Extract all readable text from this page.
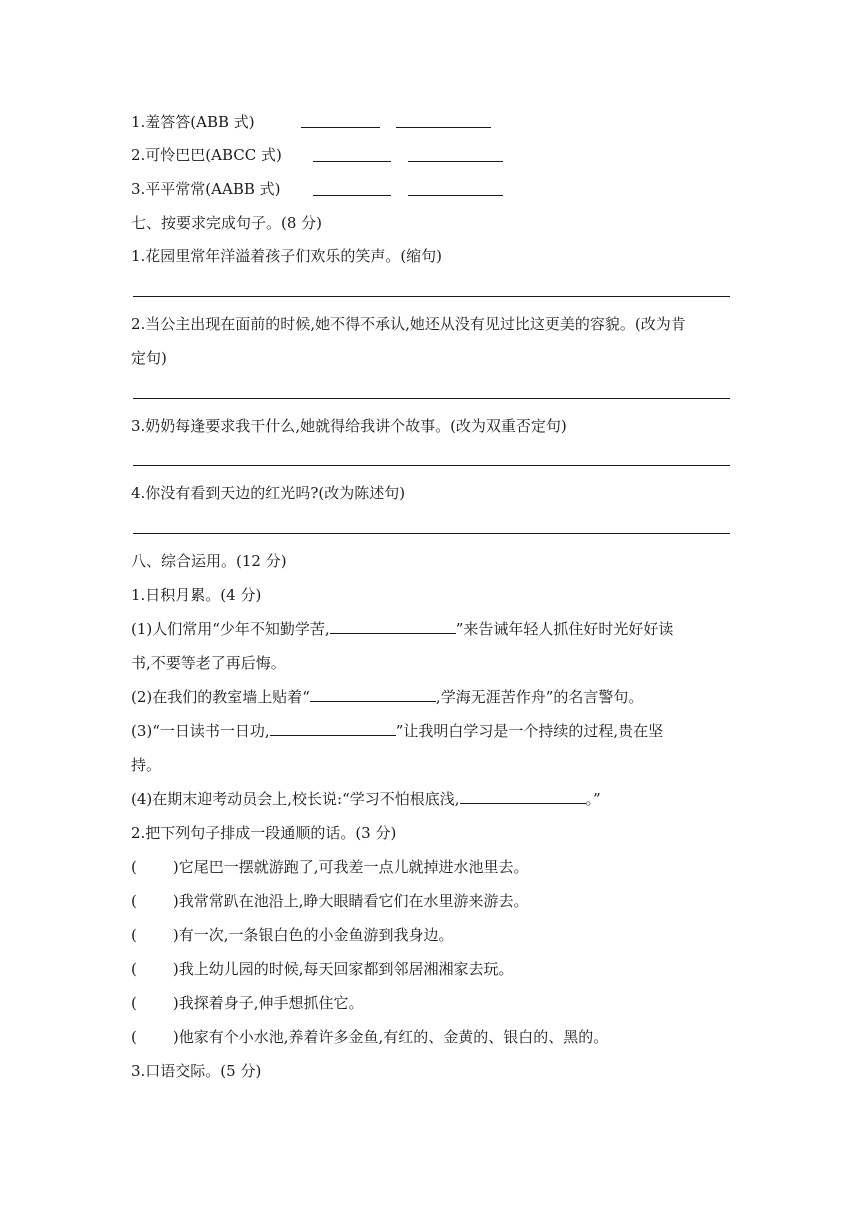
1.羞答答(ABB 式)
2.可怜巴巴(ABCC 式)
3.平平常常(AABB 式)
七、按要求完成句子。(8 分)
1.花园里常年洋溢着孩子们欢乐的笑声。(缩句)
2.当公主出现在面前的时候,她不得不承认,她还从没有见过比这更美的容貌。(改为肯
定句)
3.奶奶每逢要求我干什么,她就得给我讲个故事。(改为双重否定句)
4.你没有看到天边的红光吗?(改为陈述句)
八、综合运用。(12 分)
1.日积月累。(4 分)
(1)人们常用“少年不知勤学苦,	”来告诫年轻人抓住好时光好好读
书,不要等老了再后悔。
(2)在我们的教室墙上贴着“	,学海无涯苦作舟”的名言警句。
(3)“一日读书一日功,	”让我明白学习是一个持续的过程,贵在坚
持。
(4)在期末迎考动员会上,校长说:“学习不怕根底浅,	。”
2.把下列句子排成一段通顺的话。(3 分)
( )它尾巴一摆就游跑了,可我差一点儿就掉进水池里去。
( )我常常趴在池沿上,睁大眼睛看它们在水里游来游去。
( )有一次,一条银白色的小金鱼游到我身边。
( )我上幼儿园的时候,每天回家都到邻居湘湘家去玩。
( )我探着身子,伸手想抓住它。
( )他家有个小水池,养着许多金鱼,有红的、金黄的、银白的、黑的。
3.口语交际。(5 分)
